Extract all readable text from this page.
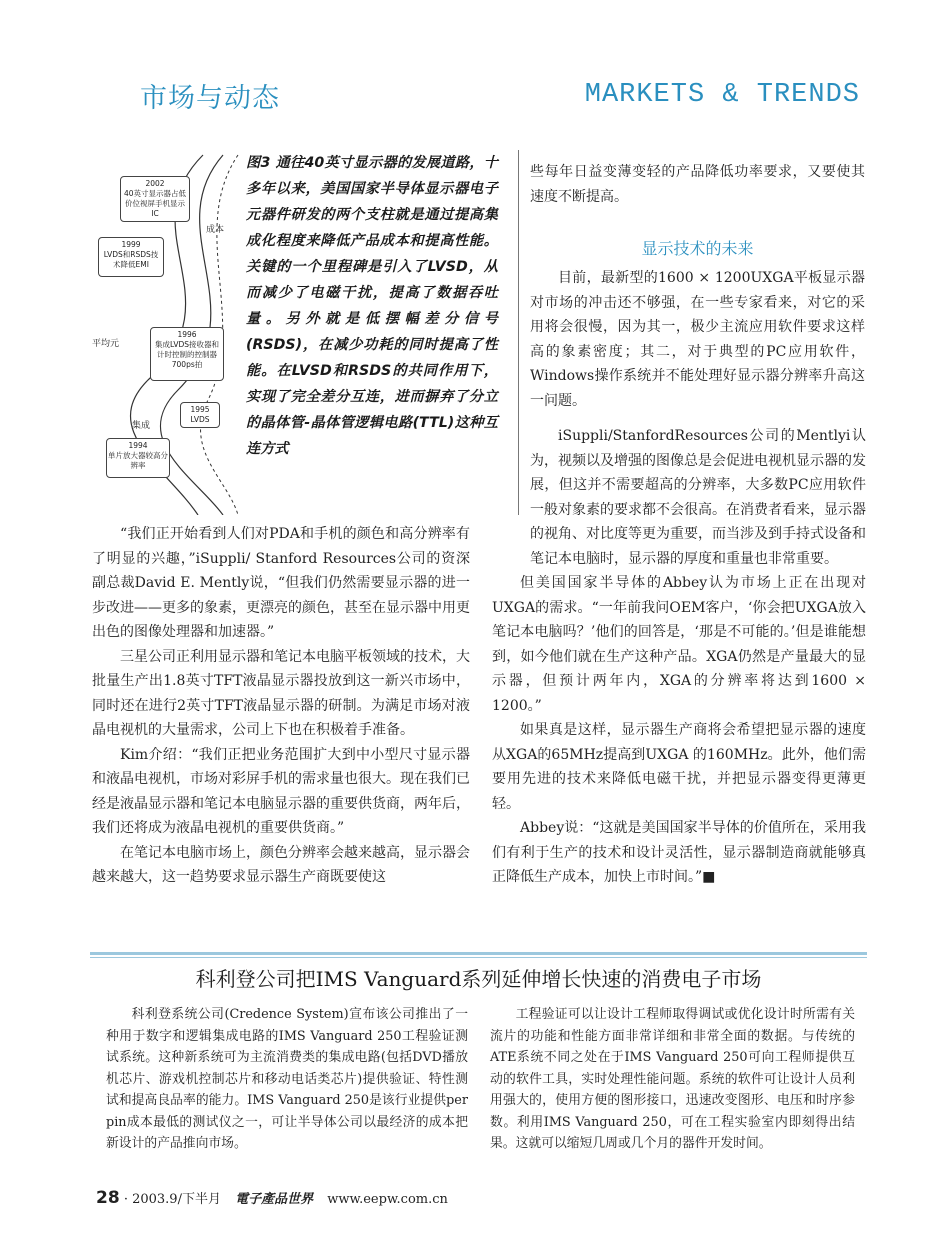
市场与动态	MARKETS & TRENDS
2002
40英寸显示器占低价位视屏手机显示IC
1999
LVDS和RSDS技术降低EMI
1996
集成LVDS接收器和计时控制的控制器700ps拍
1995
LVDS
1994
单片放大器较高分辨率
成本
平均元
集成
图3 通往40英寸显示器的发展道路，十多年以来，美国国家半导体显示器电子元器件研发的两个支柱就是通过提高集成化程度来降低产品成本和提高性能。关键的一个里程碑是引入了LVSD，从而减少了电磁干扰，提高了数据吞吐量。另外就是低摆幅差分信号(RSDS)，在减少功耗的同时提高了性能。在LVSD和RSDS的共同作用下，实现了完全差分互连，进而摒弃了分立的晶体管-晶体管逻辑电路(TTL)这种互连方式

些每年日益变薄变轻的产品降低功率要求，又要使其速度不断提高。

显示技术的未来

目前，最新型的1600 × 1200UXGA平板显示器对市场的冲击还不够强，在一些专家看来，对它的采用将会很慢，因为其一，极少主流应用软件要求这样高的象素密度；其二，对于典型的PC应用软件，Windows操作系统并不能处理好显示器分辨率升高这一问题。

iSuppli/StanfordResources公司的Mentlyi认为，视频以及增强的图像总是会促进电视机显示器的发展，但这并不需要超高的分辨率，大多数PC应用软件一般对象素的要求都不会很高。在消费者看来，显示器的视角、对比度等更为重要，而当涉及到手持式设备和笔记本电脑时，显示器的厚度和重量也非常重要。

但美国国家半导体的Abbey认为市场上正在出现对UXGA的需求。“一年前我问OEM客户，‘你会把UXGA放入笔记本电脑吗？’他们的回答是，‘那是不可能的。’但是谁能想到，如今他们就在生产这种产品。XGA仍然是产量最大的显示器，但预计两年内，XGA的分辨率将达到1600 × 1200。”

如果真是这样，显示器生产商将会希望把显示器的速度从XGA的65MHz提高到UXGA 的160MHz。此外，他们需要用先进的技术来降低电磁干扰，并把显示器变得更薄更轻。

Abbey说：“这就是美国国家半导体的价值所在，采用我们有利于生产的技术和设计灵活性，显示器制造商就能够真正降低生产成本，加快上市时间。”■

“我们正开始看到人们对PDA和手机的颜色和高分辨率有了明显的兴趣，”iSuppli/ Stanford Resources公司的资深副总裁David E. Mently说，“但我们仍然需要显示器的进一步改进——更多的象素，更漂亮的颜色，甚至在显示器中用更出色的图像处理器和加速器。”

三星公司正利用显示器和笔记本电脑平板领域的技术，大批量生产出1.8英寸TFT液晶显示器投放到这一新兴市场中，同时还在进行2英寸TFT液晶显示器的研制。为满足市场对液晶电视机的大量需求，公司上下也在积极着手准备。

Kim介绍：“我们正把业务范围扩大到中小型尺寸显示器和液晶电视机，市场对彩屏手机的需求量也很大。现在我们已经是液晶显示器和笔记本电脑显示器的重要供货商，两年后，我们还将成为液晶电视机的重要供货商。”

在笔记本电脑市场上，颜色分辨率会越来越高，显示器会越来越大，这一趋势要求显示器生产商既要使这

科利登公司把IMS Vanguard系列延伸增长快速的消费电子市场

科利登系统公司(Credence System)宣布该公司推出了一种用于数字和逻辑集成电路的IMS Vanguard 250工程验证测试系统。这种新系统可为主流消费类的集成电路(包括DVD播放机芯片、游戏机控制芯片和移动电话类芯片)提供验证、特性测试和提高良品率的能力。IMS Vanguard 250是该行业提供per pin成本最低的测试仪之一，可让半导体公司以最经济的成本把新设计的产品推向市场。

工程验证可以让设计工程师取得调试或优化设计时所需有关流片的功能和性能方面非常详细和非常全面的数据。与传统的ATE系统不同之处在于IMS Vanguard 250可向工程师提供互动的软件工具，实时处理性能问题。系统的软件可让设计人员利用强大的，使用方便的图形接口，迅速改变图形、电压和时序参数。利用IMS Vanguard 250，可在工程实验室内即刻得出结果。这就可以缩短几周或几个月的器件开发时间。

28 · 2003.9/下半月 電子產品世界 www.eepw.com.cn
